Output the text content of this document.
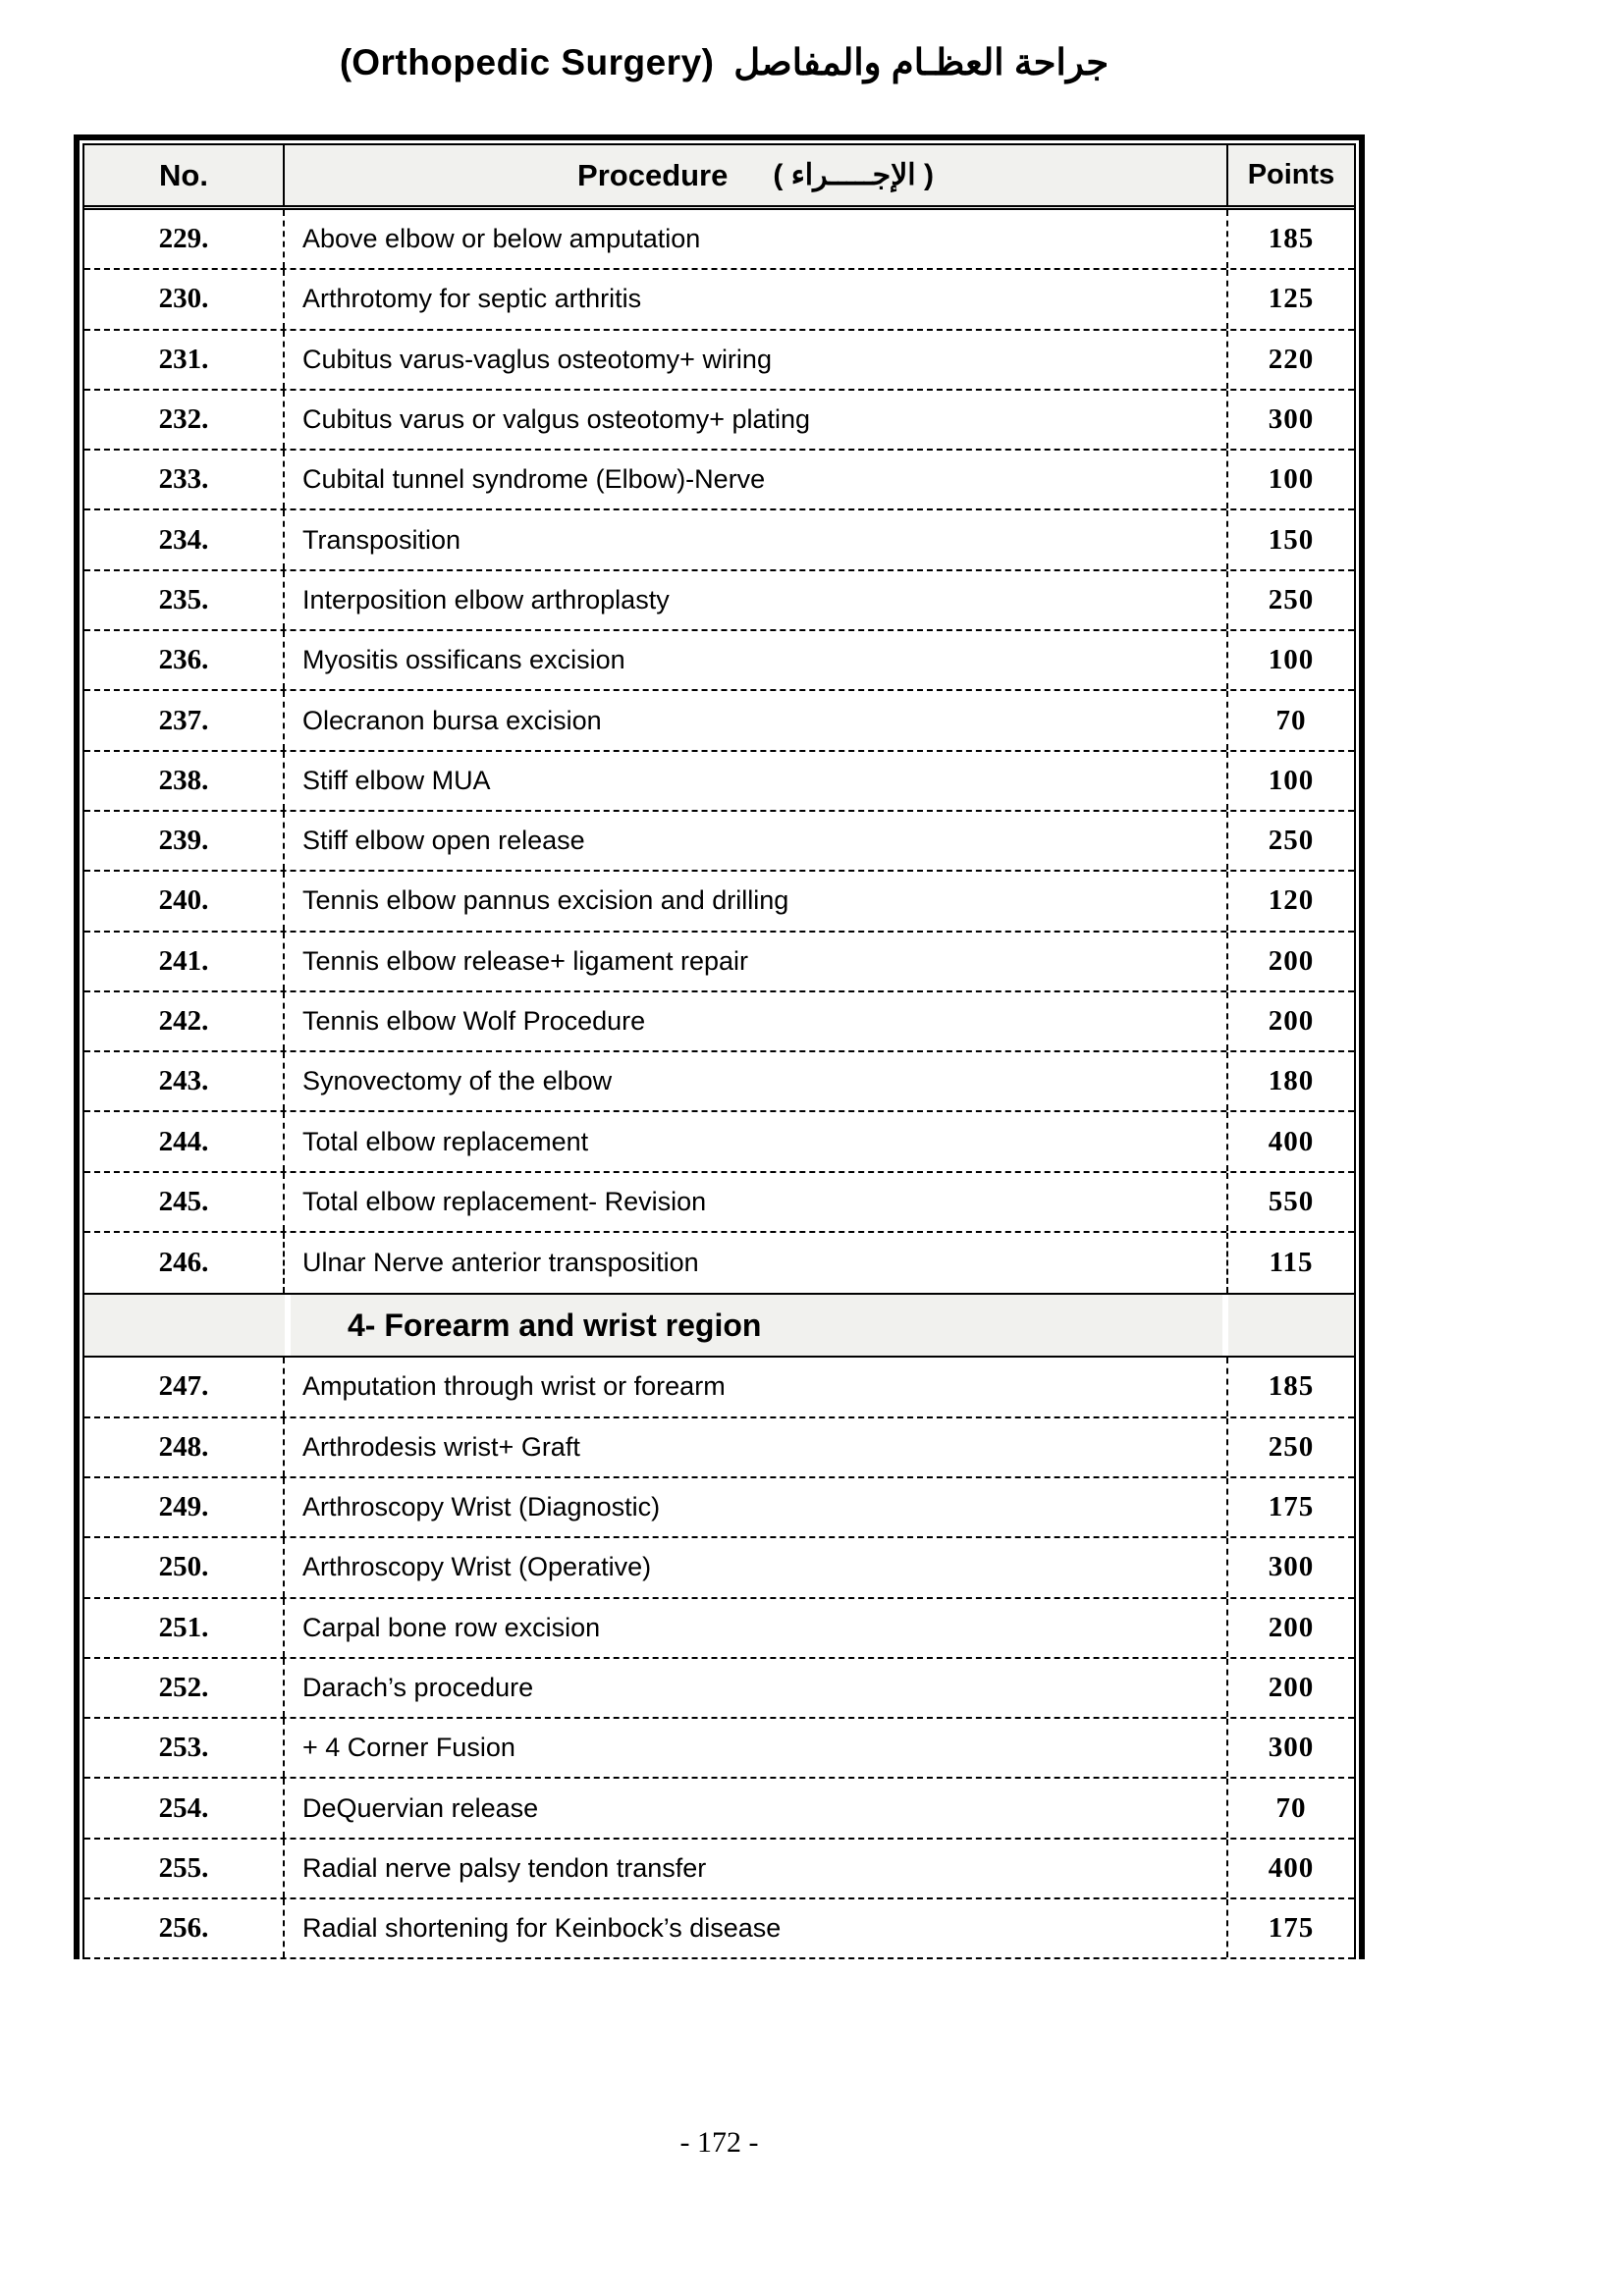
جراحة العظـام والمفاصل (Orthopedic Surgery)
No.	Procedure ( الإجـــــراء )	Points
229.	Above elbow or below amputation	185
230.	Arthrotomy for septic arthritis	125
231.	Cubitus varus-vaglus osteotomy+ wiring	220
232.	Cubitus varus or valgus osteotomy+ plating	300
233.	Cubital tunnel syndrome (Elbow)-Nerve	100
234.	Transposition	150
235.	Interposition elbow arthroplasty	250
236.	Myositis ossificans excision	100
237.	Olecranon bursa excision	70
238.	Stiff elbow MUA	100
239.	Stiff elbow open release	250
240.	Tennis elbow pannus excision and drilling	120
241.	Tennis elbow release+ ligament repair	200
242.	Tennis elbow Wolf Procedure	200
243.	Synovectomy of the elbow	180
244.	Total elbow replacement	400
245.	Total elbow replacement- Revision	550
246.	Ulnar Nerve anterior transposition	115
4- Forearm and wrist region
247.	Amputation through wrist or forearm	185
248.	Arthrodesis wrist+ Graft	250
249.	Arthroscopy Wrist (Diagnostic)	175
250.	Arthroscopy Wrist (Operative)	300
251.	Carpal bone row excision	200
252.	Darach’s procedure	200
253.	+ 4 Corner Fusion	300
254.	DeQuervian release	70
255.	Radial nerve palsy tendon transfer	400
256.	Radial shortening for Keinbock’s disease	175
- 172 -
